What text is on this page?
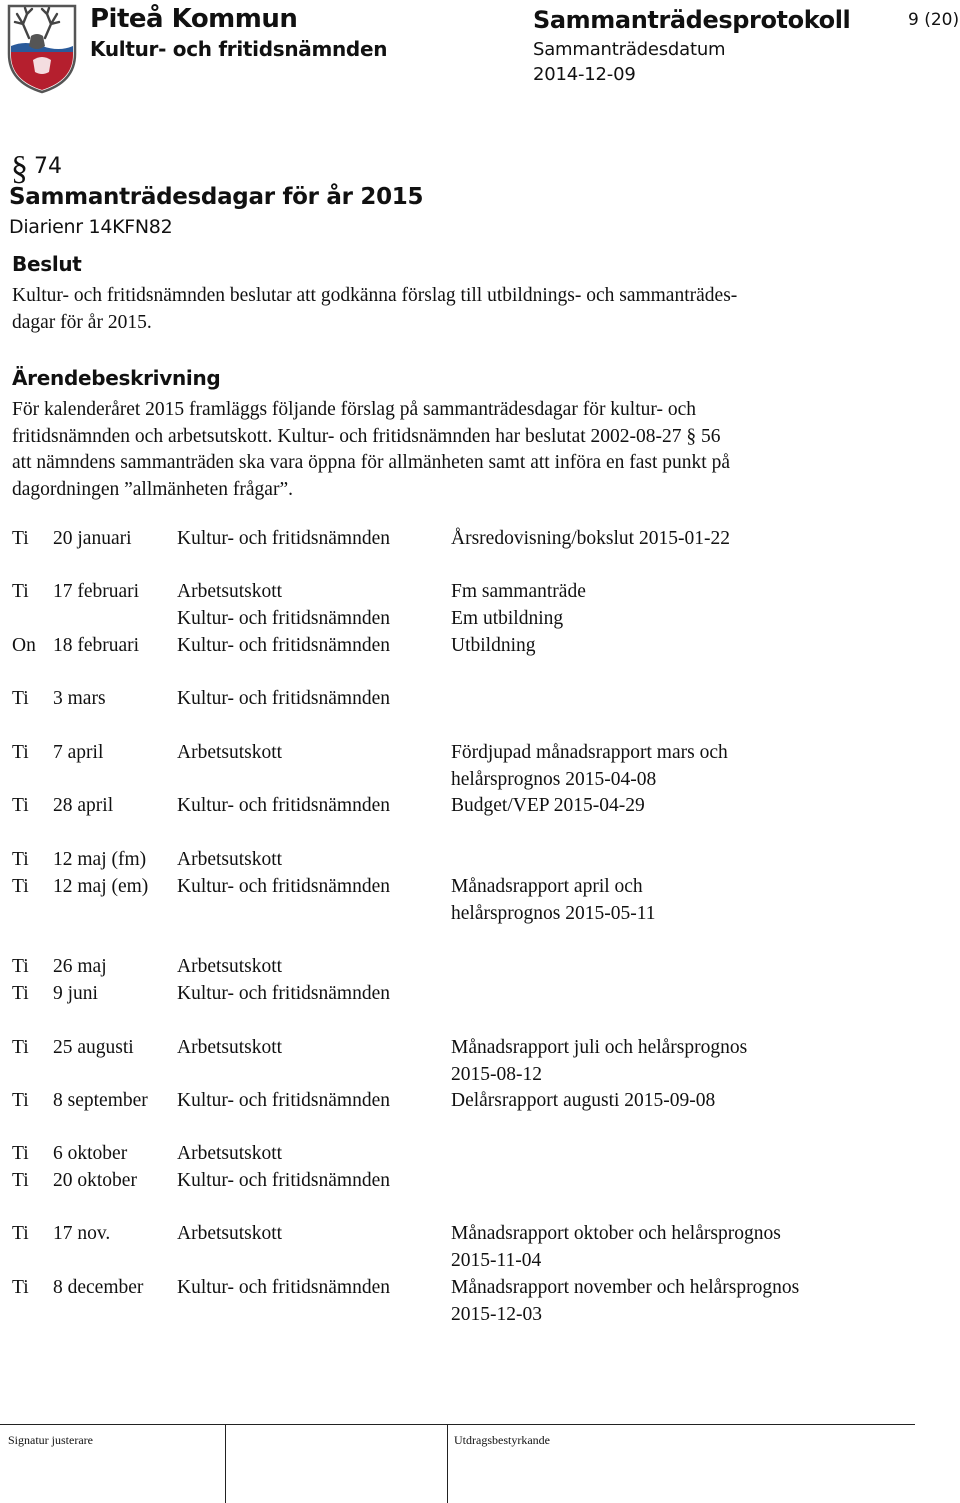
Piteå Kommun
Kultur- och fritidsnämnden
Sammanträdesprotokoll
Sammanträdesdatum
2014-12-09
9 (20)
§ 74
Sammanträdesdagar för år 2015
Diarienr 14KFN82
Beslut
Kultur- och fritidsnämnden beslutar att godkänna förslag till utbildnings- och sammanträdes-
dagar för år 2015.
Ärendebeskrivning
För kalenderåret 2015 framläggs följande förslag på sammanträdesdagar för kultur- och
fritidsnämnden och arbetsutskott. Kultur- och fritidsnämnden har beslutat 2002-08-27 § 56
att nämndens sammanträden ska vara öppna för allmänheten samt att införa en fast punkt på
dagordningen ”allmänheten frågar”.
Ti 20 januari Kultur- och fritidsnämnden	Årsredovisning/bokslut 2015-01-22
Ti 17 februari Arbetsutskott	Fm sammanträde
Kultur- och fritidsnämnden	Em utbildning
On 18 februari Kultur- och fritidsnämnden	Utbildning
Ti 3 mars	Kultur- och fritidsnämnden
Ti 7 april	Arbetsutskott	Fördjupad månadsrapport mars och
helårsprognos 2015-04-08
Ti 28 april	Kultur- och fritidsnämnden	Budget/VEP 2015-04-29
Ti 12 maj (fm) Arbetsutskott
Ti 12 maj (em) Kultur- och fritidsnämnden	Månadsrapport april och
helårsprognos 2015-05-11
Ti 26 maj	Arbetsutskott
Ti 9 juni	Kultur- och fritidsnämnden
Ti 25 augusti Arbetsutskott	Månadsrapport juli och helårsprognos
2015-08-12
Ti 8 september Kultur- och fritidsnämnden	Delårsrapport augusti 2015-09-08
Ti 6 oktober	Arbetsutskott
Ti 20 oktober Kultur- och fritidsnämnden
Ti 17 nov.	Arbetsutskott	Månadsrapport oktober och helårsprognos
2015-11-04
Ti 8 december Kultur- och fritidsnämnden	Månadsrapport november och helårsprognos
2015-12-03
Signatur justerare	Utdragsbestyrkande
